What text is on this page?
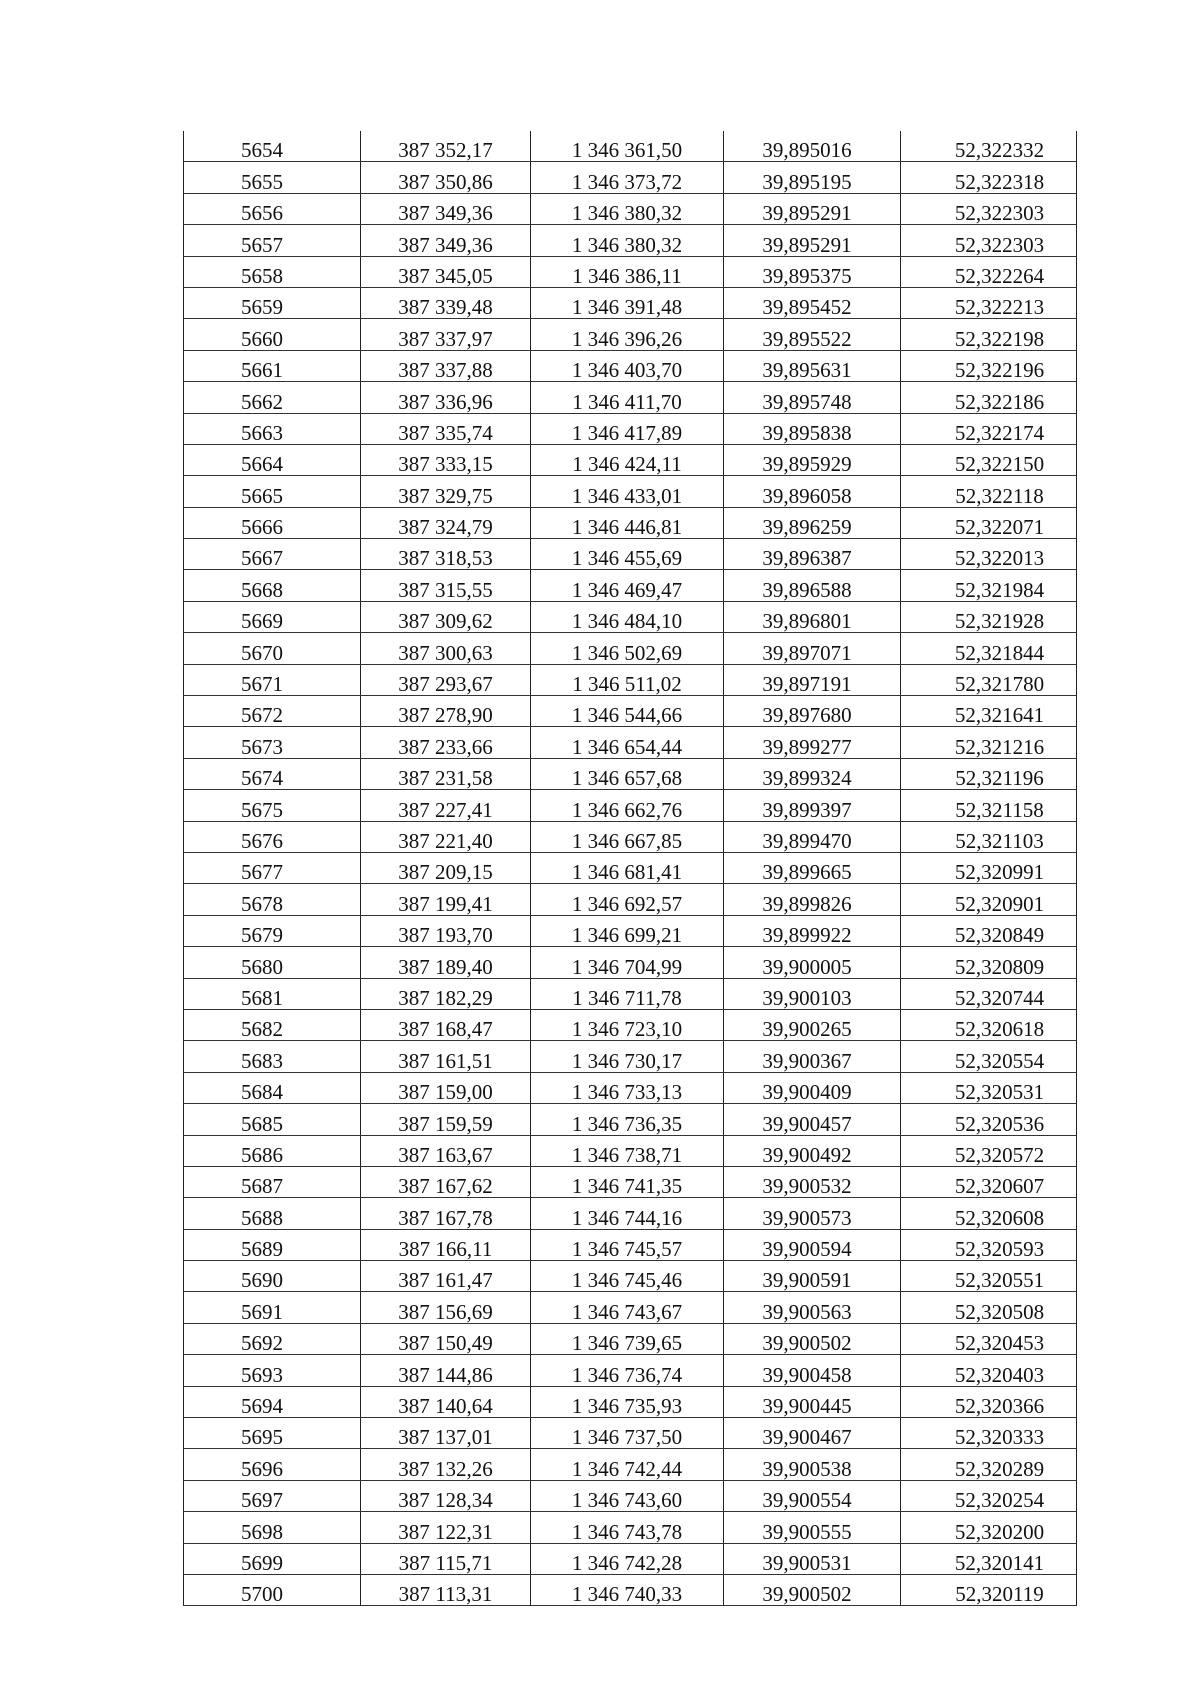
5654	387 352,17	1 346 361,50	39,895016	52,322332
5655	387 350,86	1 346 373,72	39,895195	52,322318
5656	387 349,36	1 346 380,32	39,895291	52,322303
5657	387 349,36	1 346 380,32	39,895291	52,322303
5658	387 345,05	1 346 386,11	39,895375	52,322264
5659	387 339,48	1 346 391,48	39,895452	52,322213
5660	387 337,97	1 346 396,26	39,895522	52,322198
5661	387 337,88	1 346 403,70	39,895631	52,322196
5662	387 336,96	1 346 411,70	39,895748	52,322186
5663	387 335,74	1 346 417,89	39,895838	52,322174
5664	387 333,15	1 346 424,11	39,895929	52,322150
5665	387 329,75	1 346 433,01	39,896058	52,322118
5666	387 324,79	1 346 446,81	39,896259	52,322071
5667	387 318,53	1 346 455,69	39,896387	52,322013
5668	387 315,55	1 346 469,47	39,896588	52,321984
5669	387 309,62	1 346 484,10	39,896801	52,321928
5670	387 300,63	1 346 502,69	39,897071	52,321844
5671	387 293,67	1 346 511,02	39,897191	52,321780
5672	387 278,90	1 346 544,66	39,897680	52,321641
5673	387 233,66	1 346 654,44	39,899277	52,321216
5674	387 231,58	1 346 657,68	39,899324	52,321196
5675	387 227,41	1 346 662,76	39,899397	52,321158
5676	387 221,40	1 346 667,85	39,899470	52,321103
5677	387 209,15	1 346 681,41	39,899665	52,320991
5678	387 199,41	1 346 692,57	39,899826	52,320901
5679	387 193,70	1 346 699,21	39,899922	52,320849
5680	387 189,40	1 346 704,99	39,900005	52,320809
5681	387 182,29	1 346 711,78	39,900103	52,320744
5682	387 168,47	1 346 723,10	39,900265	52,320618
5683	387 161,51	1 346 730,17	39,900367	52,320554
5684	387 159,00	1 346 733,13	39,900409	52,320531
5685	387 159,59	1 346 736,35	39,900457	52,320536
5686	387 163,67	1 346 738,71	39,900492	52,320572
5687	387 167,62	1 346 741,35	39,900532	52,320607
5688	387 167,78	1 346 744,16	39,900573	52,320608
5689	387 166,11	1 346 745,57	39,900594	52,320593
5690	387 161,47	1 346 745,46	39,900591	52,320551
5691	387 156,69	1 346 743,67	39,900563	52,320508
5692	387 150,49	1 346 739,65	39,900502	52,320453
5693	387 144,86	1 346 736,74	39,900458	52,320403
5694	387 140,64	1 346 735,93	39,900445	52,320366
5695	387 137,01	1 346 737,50	39,900467	52,320333
5696	387 132,26	1 346 742,44	39,900538	52,320289
5697	387 128,34	1 346 743,60	39,900554	52,320254
5698	387 122,31	1 346 743,78	39,900555	52,320200
5699	387 115,71	1 346 742,28	39,900531	52,320141
5700	387 113,31	1 346 740,33	39,900502	52,320119
